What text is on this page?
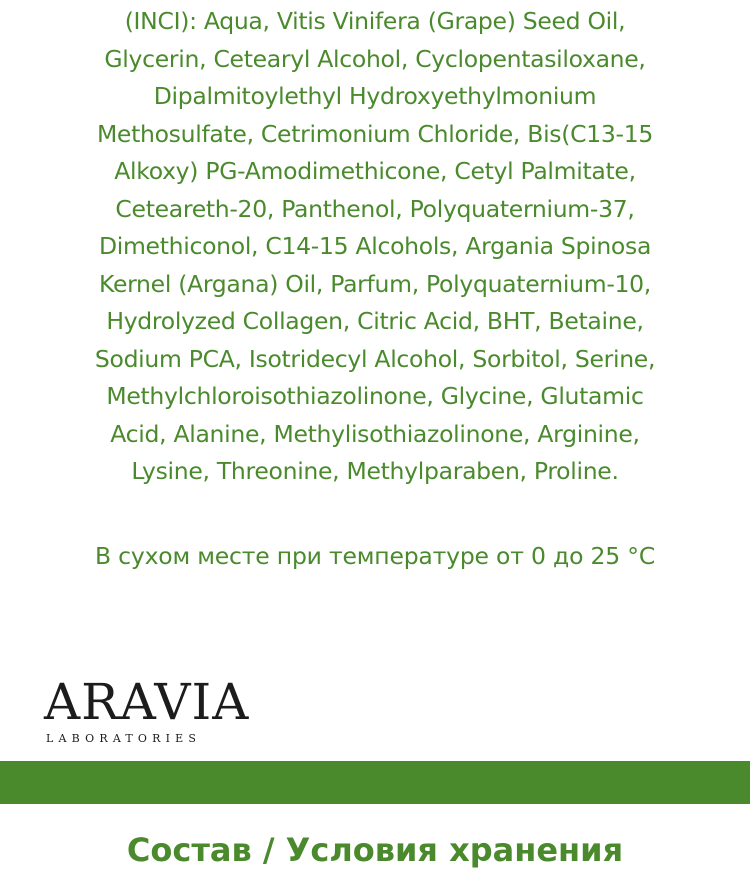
(INCI): Aqua, Vitis Vinifera (Grape) Seed Oil,
Glycerin, Cetearyl Alcohol, Cyclopentasiloxane,
Dipalmitoylethyl Hydroxyethylmonium
Methosulfate, Cetrimonium Chloride, Bis(C13-15
Alkoxy) PG-Amodimethicone, Cetyl Palmitate,
Ceteareth-20, Panthenol, Polyquaternium-37,
Dimethiconol, C14-15 Alcohols, Argania Spinosa
Kernel (Argana) Oil, Parfum, Polyquaternium-10,
Hydrolyzed Collagen, Citric Acid, BHT, Betaine,
Sodium PCA, Isotridecyl Alcohol, Sorbitol, Serine,
Methylchloroisothiazolinone, Glycine, Glutamic
Acid, Alanine, Methylisothiazolinone, Arginine,
Lysine, Threonine, Methylparaben, Proline.
В сухом месте при температуре от 0 до 25 °C
ARAVIA
LABORATORIES
Состав / Условия хранения
